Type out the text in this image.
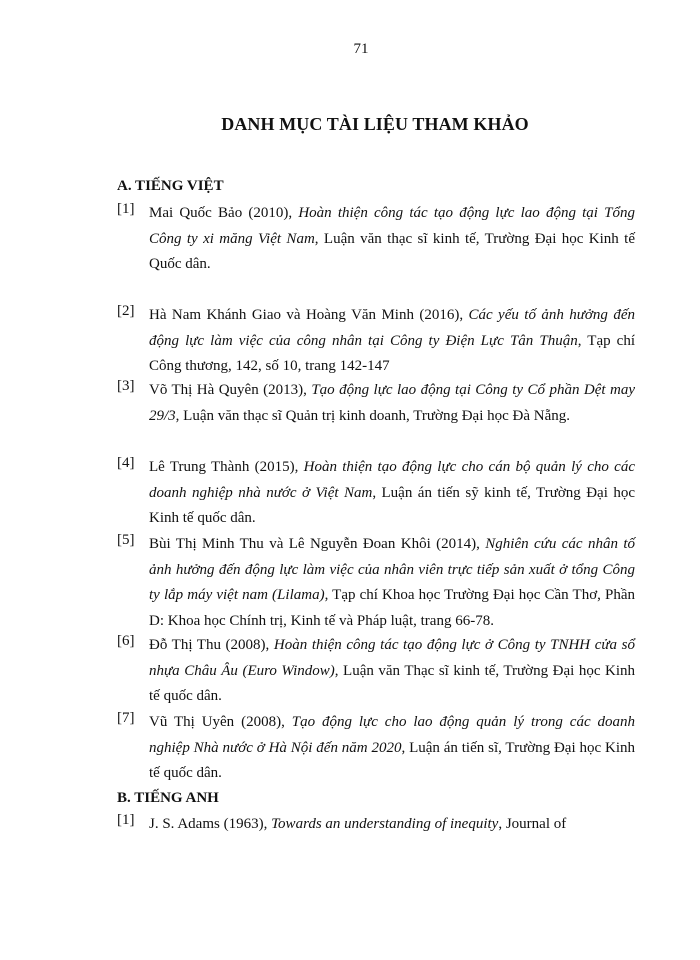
71
DANH MỤC TÀI LIỆU THAM KHẢO
A. TIẾNG VIỆT
[1] Mai Quốc Bảo (2010), Hoàn thiện công tác tạo động lực lao động tại Tổng Công ty xi măng Việt Nam, Luận văn thạc sĩ kinh tế, Trường Đại học Kinh tế Quốc dân.
[2] Hà Nam Khánh Giao và Hoàng Văn Minh (2016), Các yếu tố ảnh hưởng đến động lực làm việc của công nhân tại Công ty Điện Lực Tân Thuận, Tạp chí Công thương, 142, số 10, trang 142-147
[3] Võ Thị Hà Quyên (2013), Tạo động lực lao động tại Công ty Cổ phần Dệt may 29/3, Luận văn thạc sĩ Quản trị kinh doanh, Trường Đại học Đà Nẵng.
[4] Lê Trung Thành (2015), Hoàn thiện tạo động lực cho cán bộ quản lý cho các doanh nghiệp nhà nước ở Việt Nam, Luận án tiến sỹ kinh tế, Trường Đại học Kinh tế quốc dân.
[5] Bùi Thị Minh Thu và Lê Nguyễn Đoan Khôi (2014), Nghiên cứu các nhân tố ảnh hưởng đến động lực làm việc của nhân viên trực tiếp sản xuất ở tổng Công ty lắp máy việt nam (Lilama), Tạp chí Khoa học Trường Đại học Cần Thơ, Phần D: Khoa học Chính trị, Kinh tế và Pháp luật, trang 66-78.
[6] Đỗ Thị Thu (2008), Hoàn thiện công tác tạo động lực ở Công ty TNHH cửa sổ nhựa Châu Âu (Euro Window), Luận văn Thạc sĩ kinh tế, Trường Đại học Kinh tế quốc dân.
[7] Vũ Thị Uyên (2008), Tạo động lực cho lao động quản lý trong các doanh nghiệp Nhà nước ở Hà Nội đến năm 2020, Luận án tiến sĩ, Trường Đại học Kinh tế quốc dân.
B. TIẾNG ANH
[1] J. S. Adams (1963), Towards an understanding of inequity, Journal of
